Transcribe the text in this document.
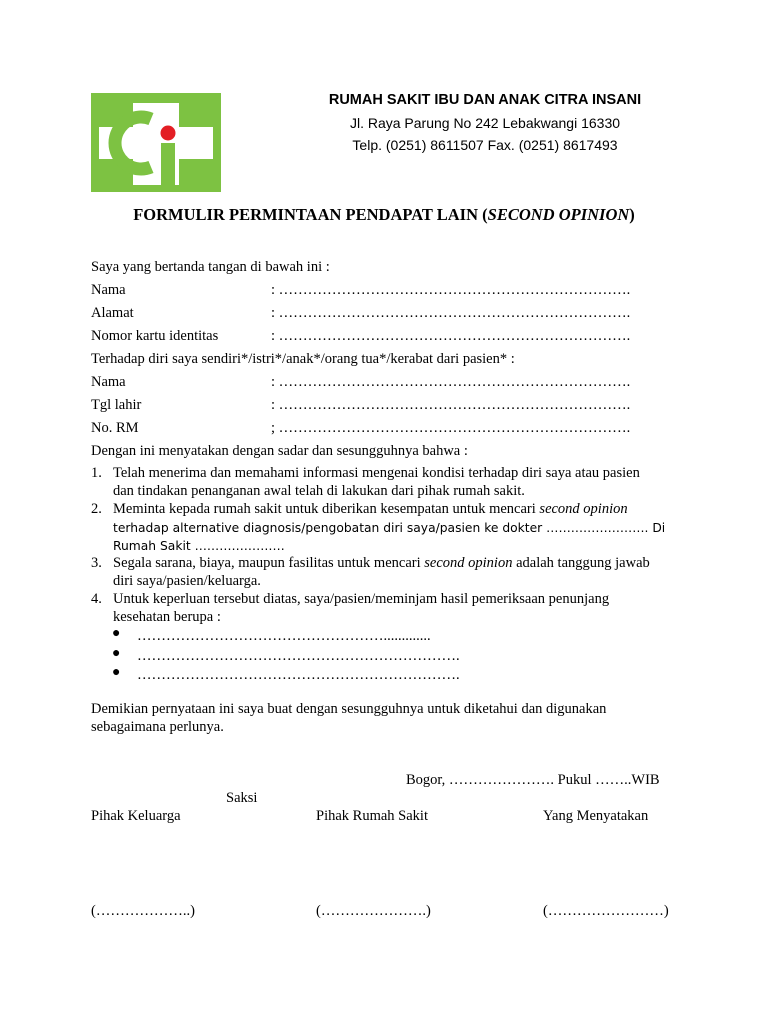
RUMAH SAKIT IBU DAN ANAK CITRA INSANI
Jl. Raya Parung No 242 Lebakwangi 16330
Telp. (0251) 8611507 Fax. (0251) 8617493
FORMULIR PERMINTAAN PENDAPAT LAIN (SECOND OPINION)
Saya yang bertanda tangan di bawah ini :
Nama	: ……………………………………………………………….
Alamat	: ……………………………………………………………….
Nomor kartu identitas	: ……………………………………………………………….
Terhadap diri saya sendiri*/istri*/anak*/orang tua*/kerabat dari pasien* :
Nama	: ……………………………………………………………….
Tgl lahir	: ……………………………………………………………….
No. RM	; ……………………………………………………………….
Dengan ini menyatakan dengan sadar dan sesungguhnya bahwa :
1. Telah menerima dan memahami informasi mengenai kondisi terhadap diri saya atau pasien
dan tindakan penanganan awal telah di lakukan dari pihak rumah sakit.
2. Meminta kepada rumah sakit untuk diberikan kesempatan untuk mencari second opinion
terhadap alternative diagnosis/pengobatan diri saya/pasien ke dokter ……………………. Di
Rumah Sakit ………………….
3. Segala sarana, biaya, maupun fasilitas untuk mencari second opinion adalah tanggung jawab
diri saya/pasien/keluarga.
4. Untuk keperluan tersebut diatas, saya/pasien/meminjam hasil pemeriksaan penunjang
kesehatan berupa :
● …………………………………………….............
● ………………………………………………………….
● ………………………………………………………….
Demikian pernyataan ini saya buat dengan sesungguhnya untuk diketahui dan digunakan
sebagaimana perlunya.
Bogor, …………………. Pukul ……..WIB
Saksi
Pihak Keluarga	Pihak Rumah Sakit	Yang Menyatakan
(………………..)	(………………….)	(……………………)
